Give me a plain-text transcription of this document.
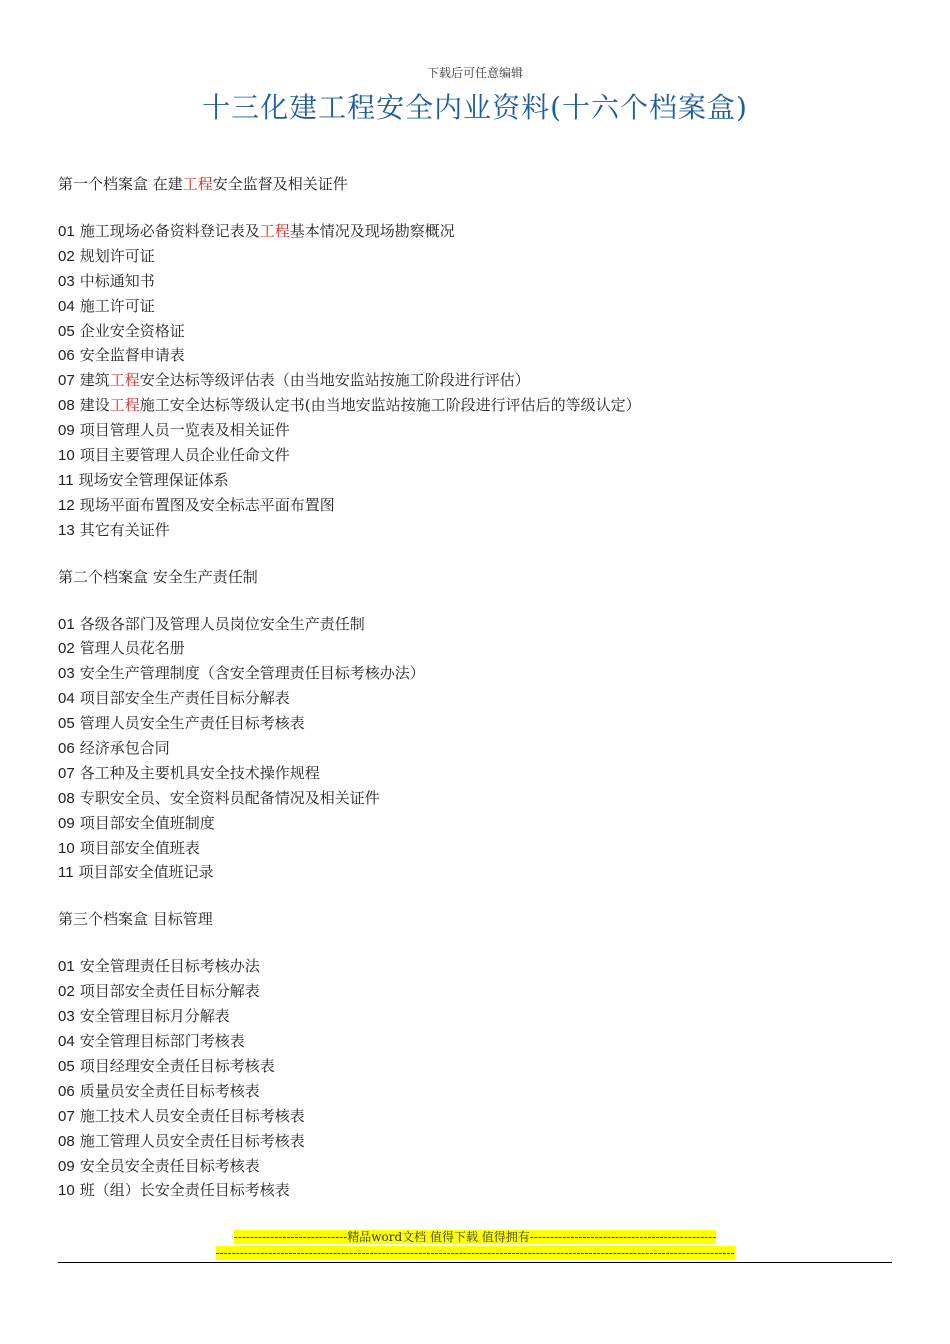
下载后可任意编辑
十三化建工程安全内业资料(十六个档案盒)
第一个档案盒 在建工程安全监督及相关证件
01 施工现场必备资料登记表及工程基本情况及现场勘察概况
02 规划许可证
03 中标通知书
04 施工许可证
05 企业安全资格证
06 安全监督申请表
07 建筑工程安全达标等级评估表（由当地安监站按施工阶段进行评估）
08 建设工程施工安全达标等级认定书(由当地安监站按施工阶段进行评估后的等级认定）
09 项目管理人员一览表及相关证件
10 项目主要管理人员企业任命文件
11 现场安全管理保证体系
12 现场平面布置图及安全标志平面布置图
13 其它有关证件
第二个档案盒 安全生产责任制
01 各级各部门及管理人员岗位安全生产责任制
02 管理人员花名册
03 安全生产管理制度（含安全管理责任目标考核办法）
04 项目部安全生产责任目标分解表
05 管理人员安全生产责任目标考核表
06 经济承包合同
07 各工种及主要机具安全技术操作规程
08 专职安全员、安全资料员配备情况及相关证件
09 项目部安全值班制度
10 项目部安全值班表
11 项目部安全值班记录
第三个档案盒 目标管理
01 安全管理责任目标考核办法
02 项目部安全责任目标分解表
03 安全管理目标月分解表
04 安全管理目标部门考核表
05 项目经理安全责任目标考核表
06 质量员安全责任目标考核表
07 施工技术人员安全责任目标考核表
08 施工管理人员安全责任目标考核表
09 安全员安全责任目标考核表
10 班（组）长安全责任目标考核表
----------------------------精品word文档 值得下载 值得拥有----------------------------------------------
--------------------------------------------------------------------------------------------------------------------------------
